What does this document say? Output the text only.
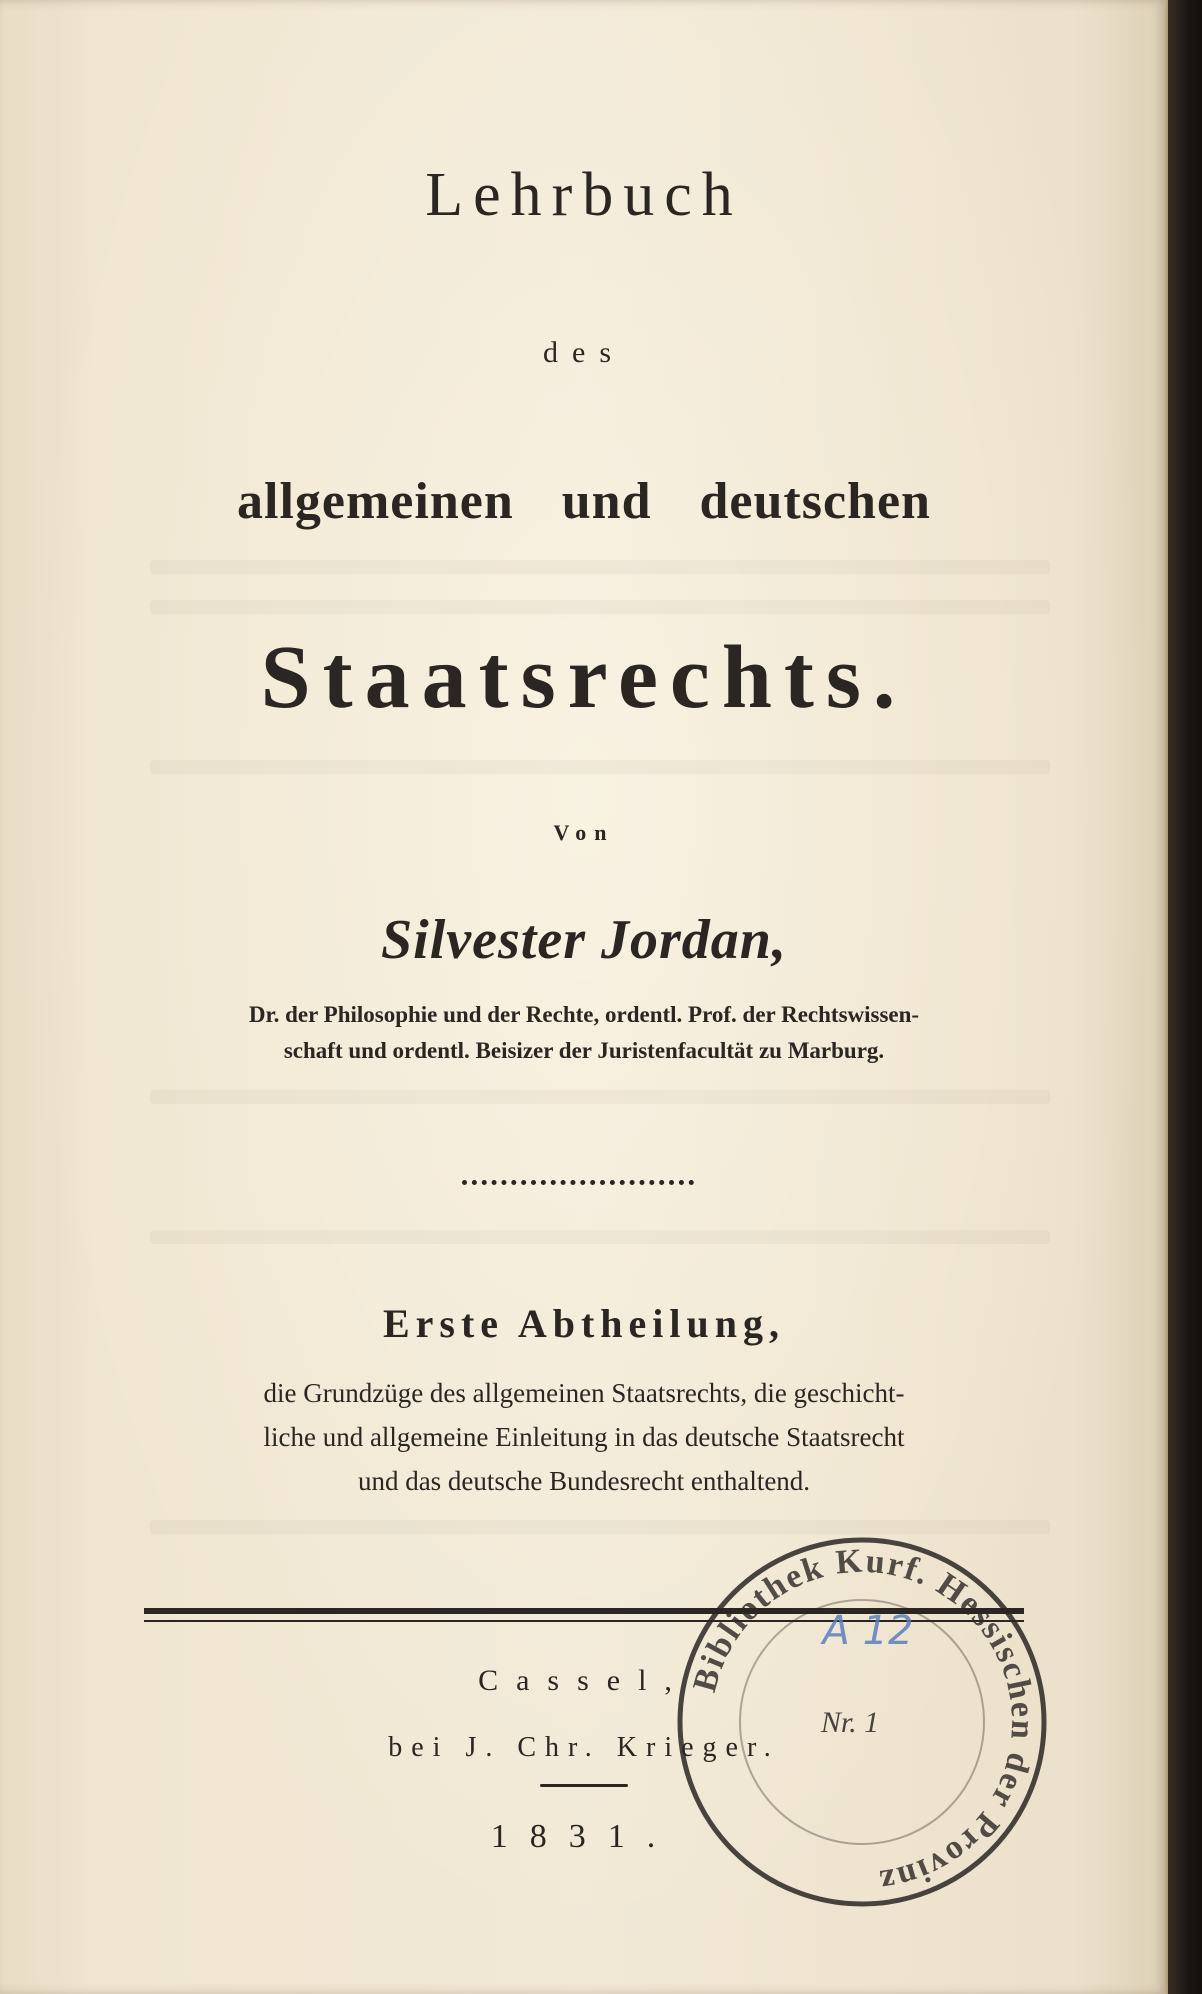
Lehrbuch
des
allgemeinen und deutschen
Staatsrechts.
Von
Silvester Jordan,
Dr. der Philosophie und der Rechte, ordentl. Prof. der Rechtswissen-
schaft und ordentl. Beisizer der Juristenfacultät zu Marburg.
Erste Abtheilung,
die Grundzüge des allgemeinen Staatsrechts, die geschicht-
liche und allgemeine Einleitung in das deutsche Staatsrecht
und das deutsche Bundesrecht enthaltend.
Cassel,
bei J. Chr. Krieger.
1831.
Bibliothek Kurf. Hessischen der Provinz
A 12
Nr. 1
